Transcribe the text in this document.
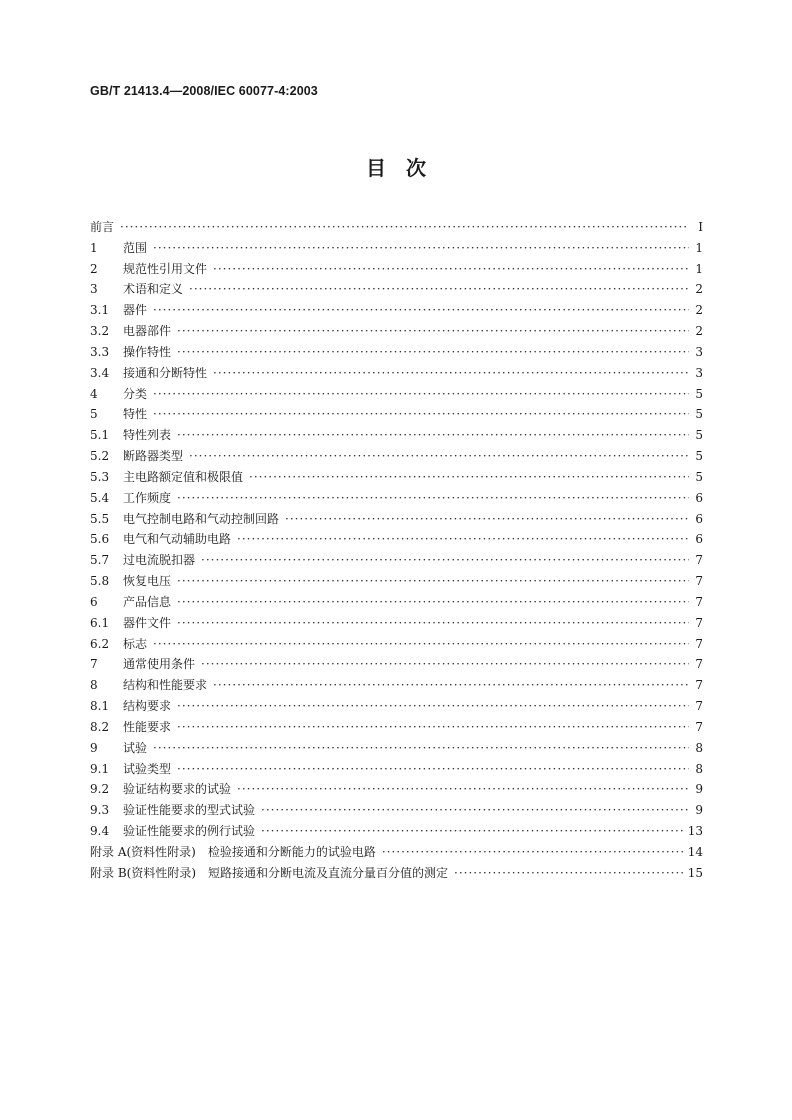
GB/T 21413.4—2008/IEC 60077-4:2003
目　次
前言 ·····	I
1	范围 ·····	1
2	规范性引用文件 ·····	1
3	术语和定义 ·····	2
3.1	器件 ·····	2
3.2	电器部件 ·····	2
3.3	操作特性 ·····	3
3.4	接通和分断特性 ·····	3
4	分类 ·····	5
5	特性 ·····	5
5.1	特性列表 ·····	5
5.2	断路器类型 ·····	5
5.3	主电路额定值和极限值 ·····	5
5.4	工作频度 ·····	6
5.5	电气控制电路和气动控制回路 ·····	6
5.6	电气和气动辅助电路 ·····	6
5.7	过电流脱扣器 ·····	7
5.8	恢复电压 ·····	7
6	产品信息 ·····	7
6.1	器件文件 ·····	7
6.2	标志 ·····	7
7	通常使用条件 ·····	7
8	结构和性能要求 ·····	7
8.1	结构要求 ·····	7
8.2	性能要求 ·····	7
9	试验 ·····	8
9.1	试验类型 ·····	8
9.2	验证结构要求的试验 ·····	9
9.3	验证性能要求的型式试验 ·····	9
9.4	验证性能要求的例行试验 ·····	13
附录 A(资料性附录)　检验接通和分断能力的试验电路 ·····	14
附录 B(资料性附录)　短路接通和分断电流及直流分量百分值的测定 ·····	15
